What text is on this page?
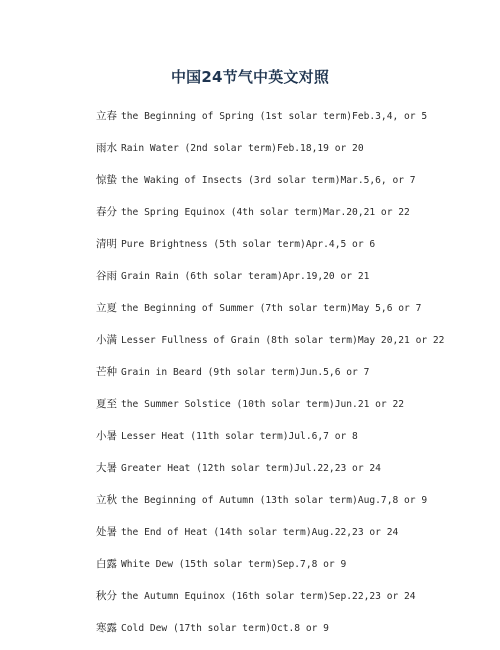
中国24节气中英文对照
立春 the Beginning of Spring (1st solar term)Feb.3,4, or 5
雨水 Rain Water (2nd solar term)Feb.18,19 or 20
惊蛰 the Waking of Insects (3rd solar term)Mar.5,6, or 7
春分 the Spring Equinox (4th solar term)Mar.20,21 or 22
清明 Pure Brightness (5th solar term)Apr.4,5 or 6
谷雨 Grain Rain (6th solar teram)Apr.19,20 or 21
立夏 the Beginning of Summer (7th solar term)May 5,6 or 7
小满 Lesser Fullness of Grain (8th solar term)May 20,21 or 22
芒种 Grain in Beard (9th solar term)Jun.5,6 or 7
夏至 the Summer Solstice (10th solar term)Jun.21 or 22
小暑 Lesser Heat (11th solar term)Jul.6,7 or 8
大暑 Greater Heat (12th solar term)Jul.22,23 or 24
立秋 the Beginning of Autumn (13th solar term)Aug.7,8 or 9
处暑 the End of Heat (14th solar term)Aug.22,23 or 24
白露 White Dew (15th solar term)Sep.7,8 or 9
秋分 the Autumn Equinox (16th solar term)Sep.22,23 or 24
寒露 Cold Dew (17th solar term)Oct.8 or 9
